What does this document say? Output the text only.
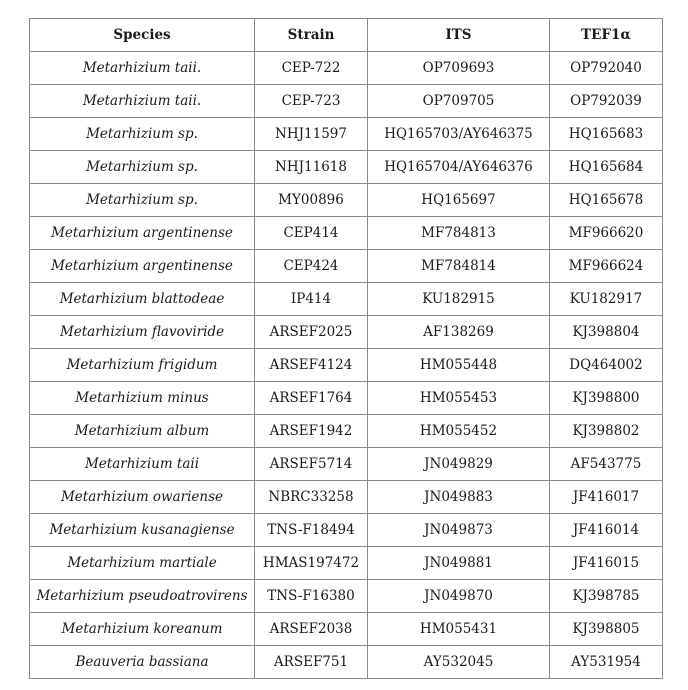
Species	Strain	ITS	TEF1α
Metarhizium taii.	CEP-722	OP709693	OP792040
Metarhizium taii.	CEP-723	OP709705	OP792039
Metarhizium sp.	NHJ11597	HQ165703/AY646375	HQ165683
Metarhizium sp.	NHJ11618	HQ165704/AY646376	HQ165684
Metarhizium sp.	MY00896	HQ165697	HQ165678
Metarhizium argentinense	CEP414	MF784813	MF966620
Metarhizium argentinense	CEP424	MF784814	MF966624
Metarhizium blattodeae	IP414	KU182915	KU182917
Metarhizium flavoviride	ARSEF2025	AF138269	KJ398804
Metarhizium frigidum	ARSEF4124	HM055448	DQ464002
Metarhizium minus	ARSEF1764	HM055453	KJ398800
Metarhizium album	ARSEF1942	HM055452	KJ398802
Metarhizium taii	ARSEF5714	JN049829	AF543775
Metarhizium owariense	NBRC33258	JN049883	JF416017
Metarhizium kusanagiense	TNS-F18494	JN049873	JF416014
Metarhizium martiale	HMAS197472	JN049881	JF416015
Metarhizium pseudoatrovirens	TNS-F16380	JN049870	KJ398785
Metarhizium koreanum	ARSEF2038	HM055431	KJ398805
Beauveria bassiana	ARSEF751	AY532045	AY531954
